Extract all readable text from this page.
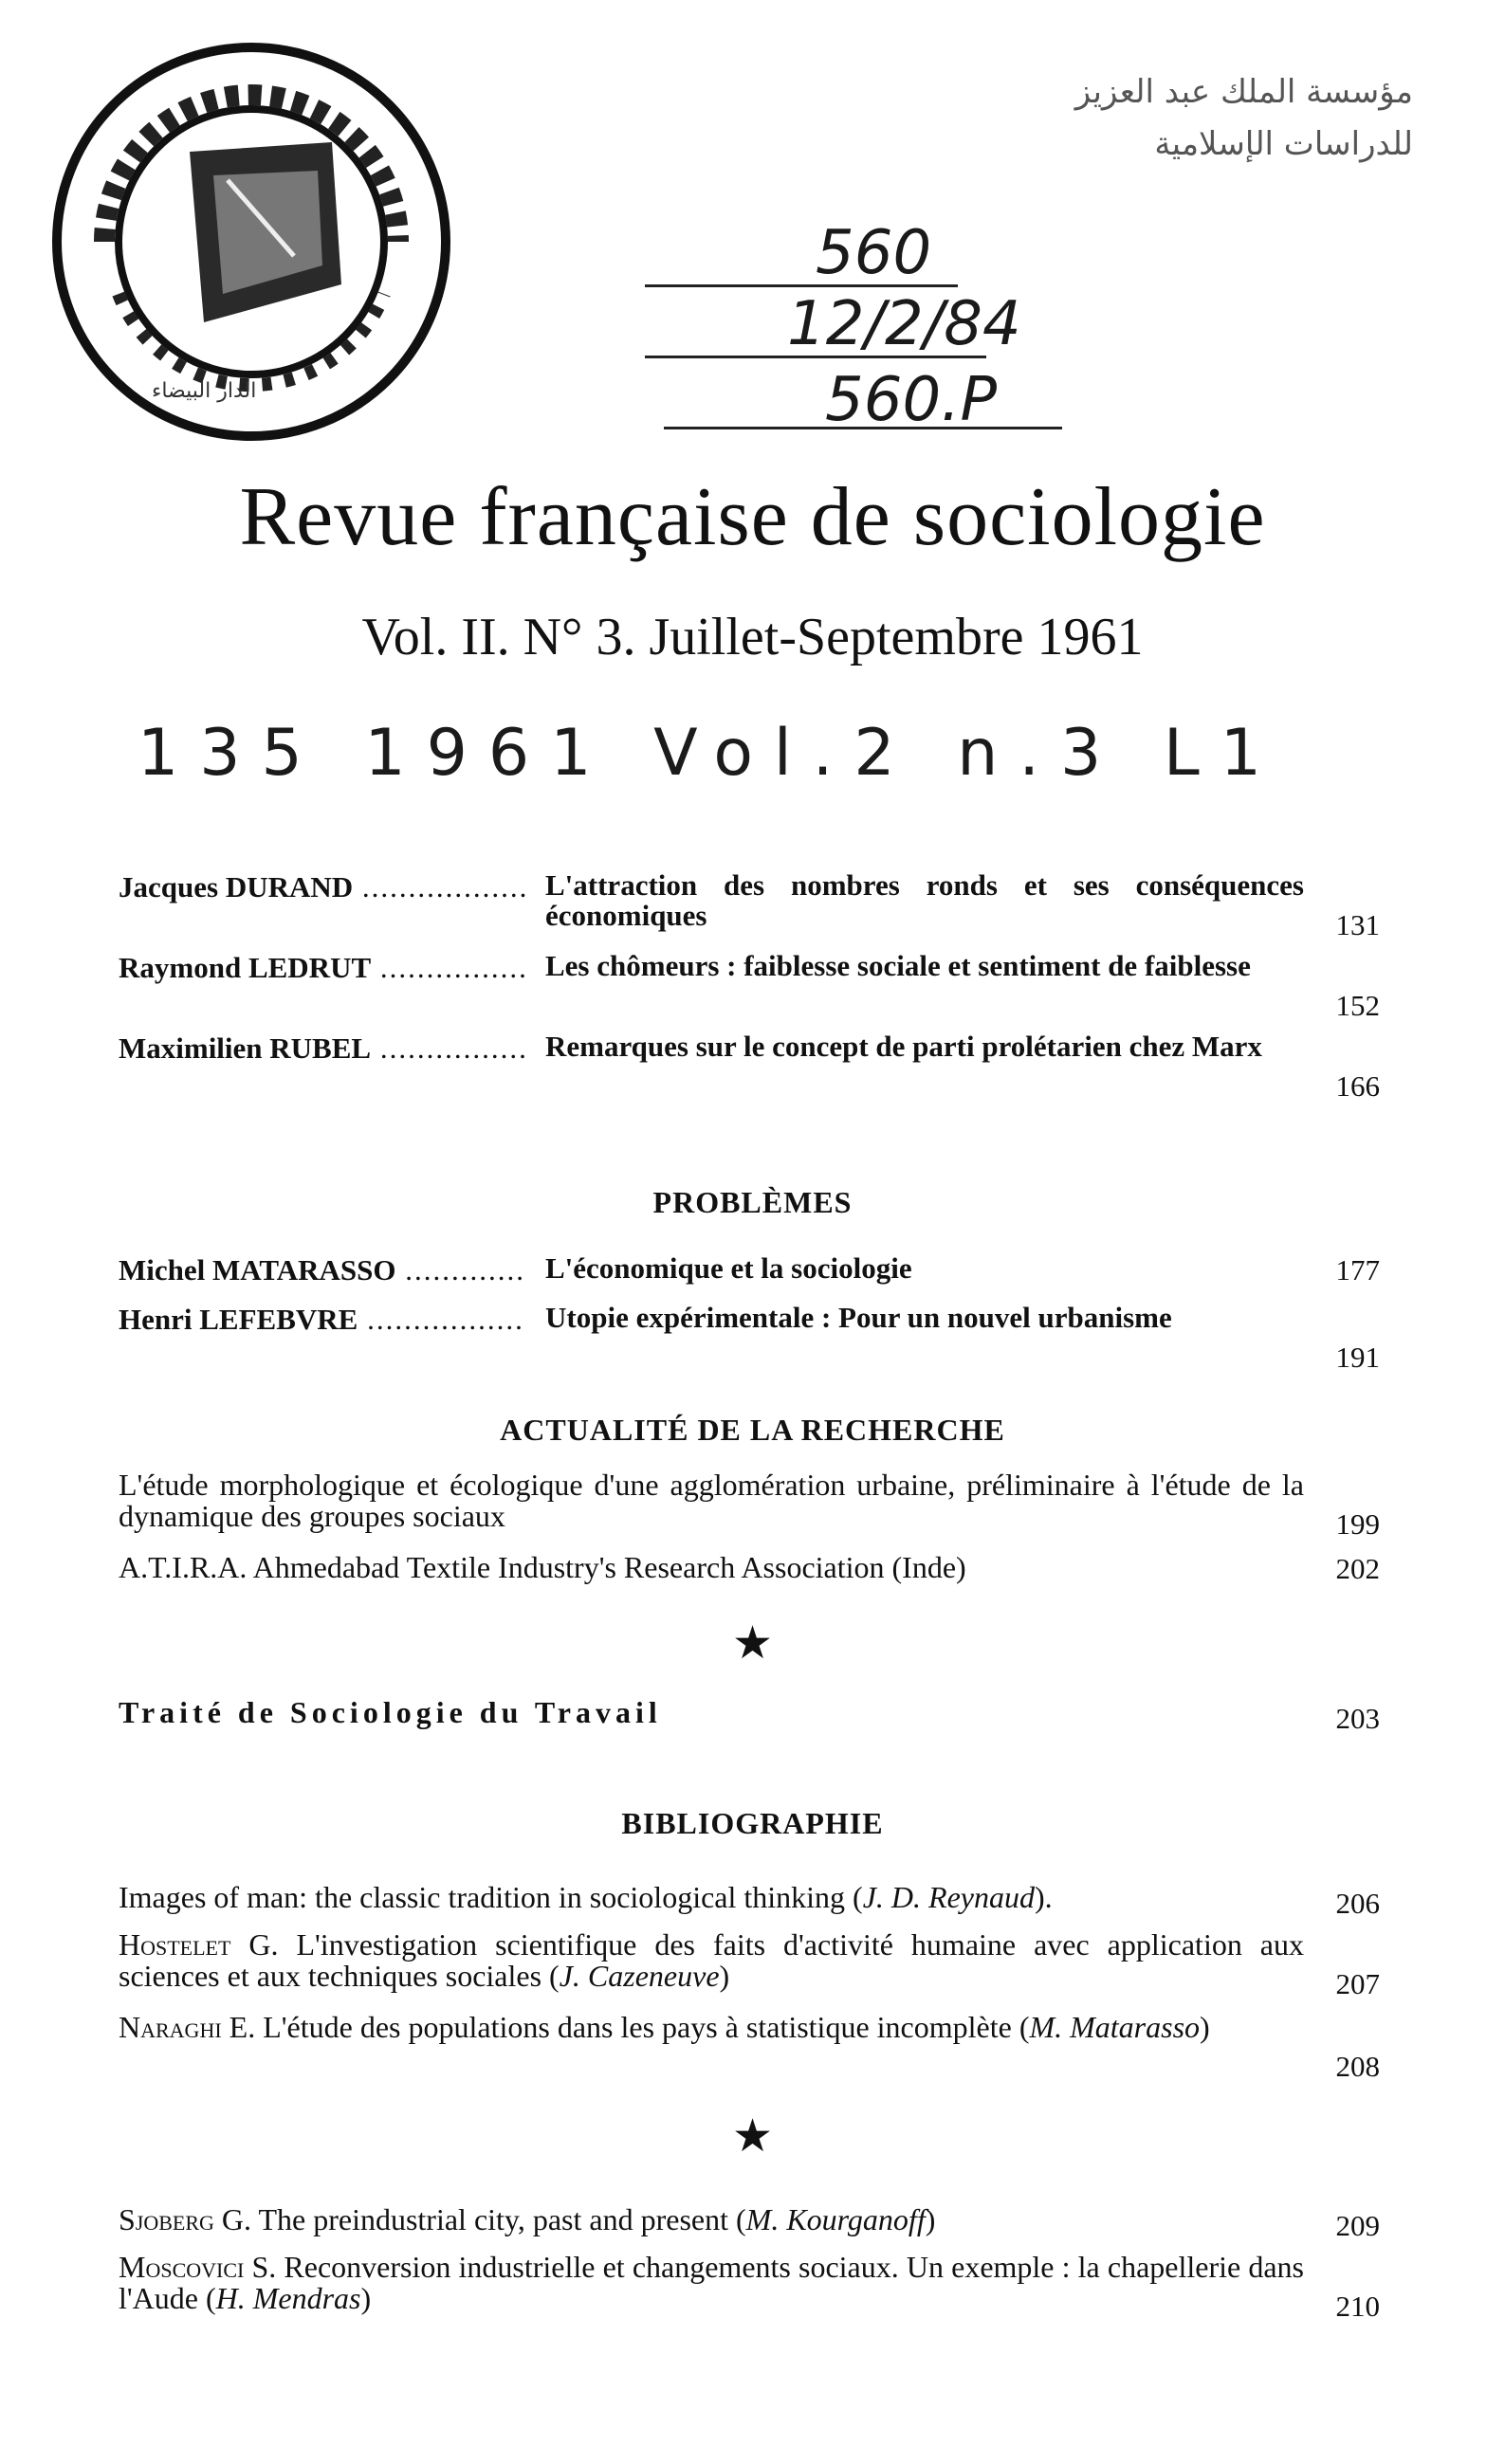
الدار البيضاء
مؤسسة الملك عبد العزيز
للدراسات الإسلامية
560
12/2/84
560.P
Revue française de sociologie
Vol. II. N° 3. Juillet-Septembre 1961
135 1961 Vol.2 n.3 L1
Jacques DURAND .....	L'attraction des nombres ronds et ses conséquences économiques	131
Raymond LEDRUT .....	Les chômeurs : faiblesse sociale et sentiment de faiblesse
152
Maximilien RUBEL .....	Remarques sur le concept de parti prolétarien chez Marx
166
PROBLÈMES
Michel MATARASSO .....	L'économique et la sociologie	177
Henri LEFEBVRE .....	Utopie expérimentale : Pour un nouvel urbanisme
191
ACTUALITÉ DE LA RECHERCHE
L'étude morphologique et écologique d'une agglomération urbaine, préliminaire à l'étude de la dynamique des groupes sociaux	199
A.T.I.R.A. Ahmedabad Textile Industry's Research Association (Inde)	202
★
Traité de Sociologie du Travail	203
BIBLIOGRAPHIE
Images of man: the classic tradition in sociological thinking (J. D. Reynaud).	206
Hostelet G. L'investigation scientifique des faits d'activité humaine avec application aux sciences et aux techniques sociales (J. Cazeneuve)	207
Naraghi E. L'étude des populations dans les pays à statistique incomplète (M. Matarasso)
208
★
Sjoberg G. The preindustrial city, past and present (M. Kourganoff)	209
Moscovici S. Reconversion industrielle et changements sociaux. Un exemple : la chapellerie dans l'Aude (H. Mendras)	210
